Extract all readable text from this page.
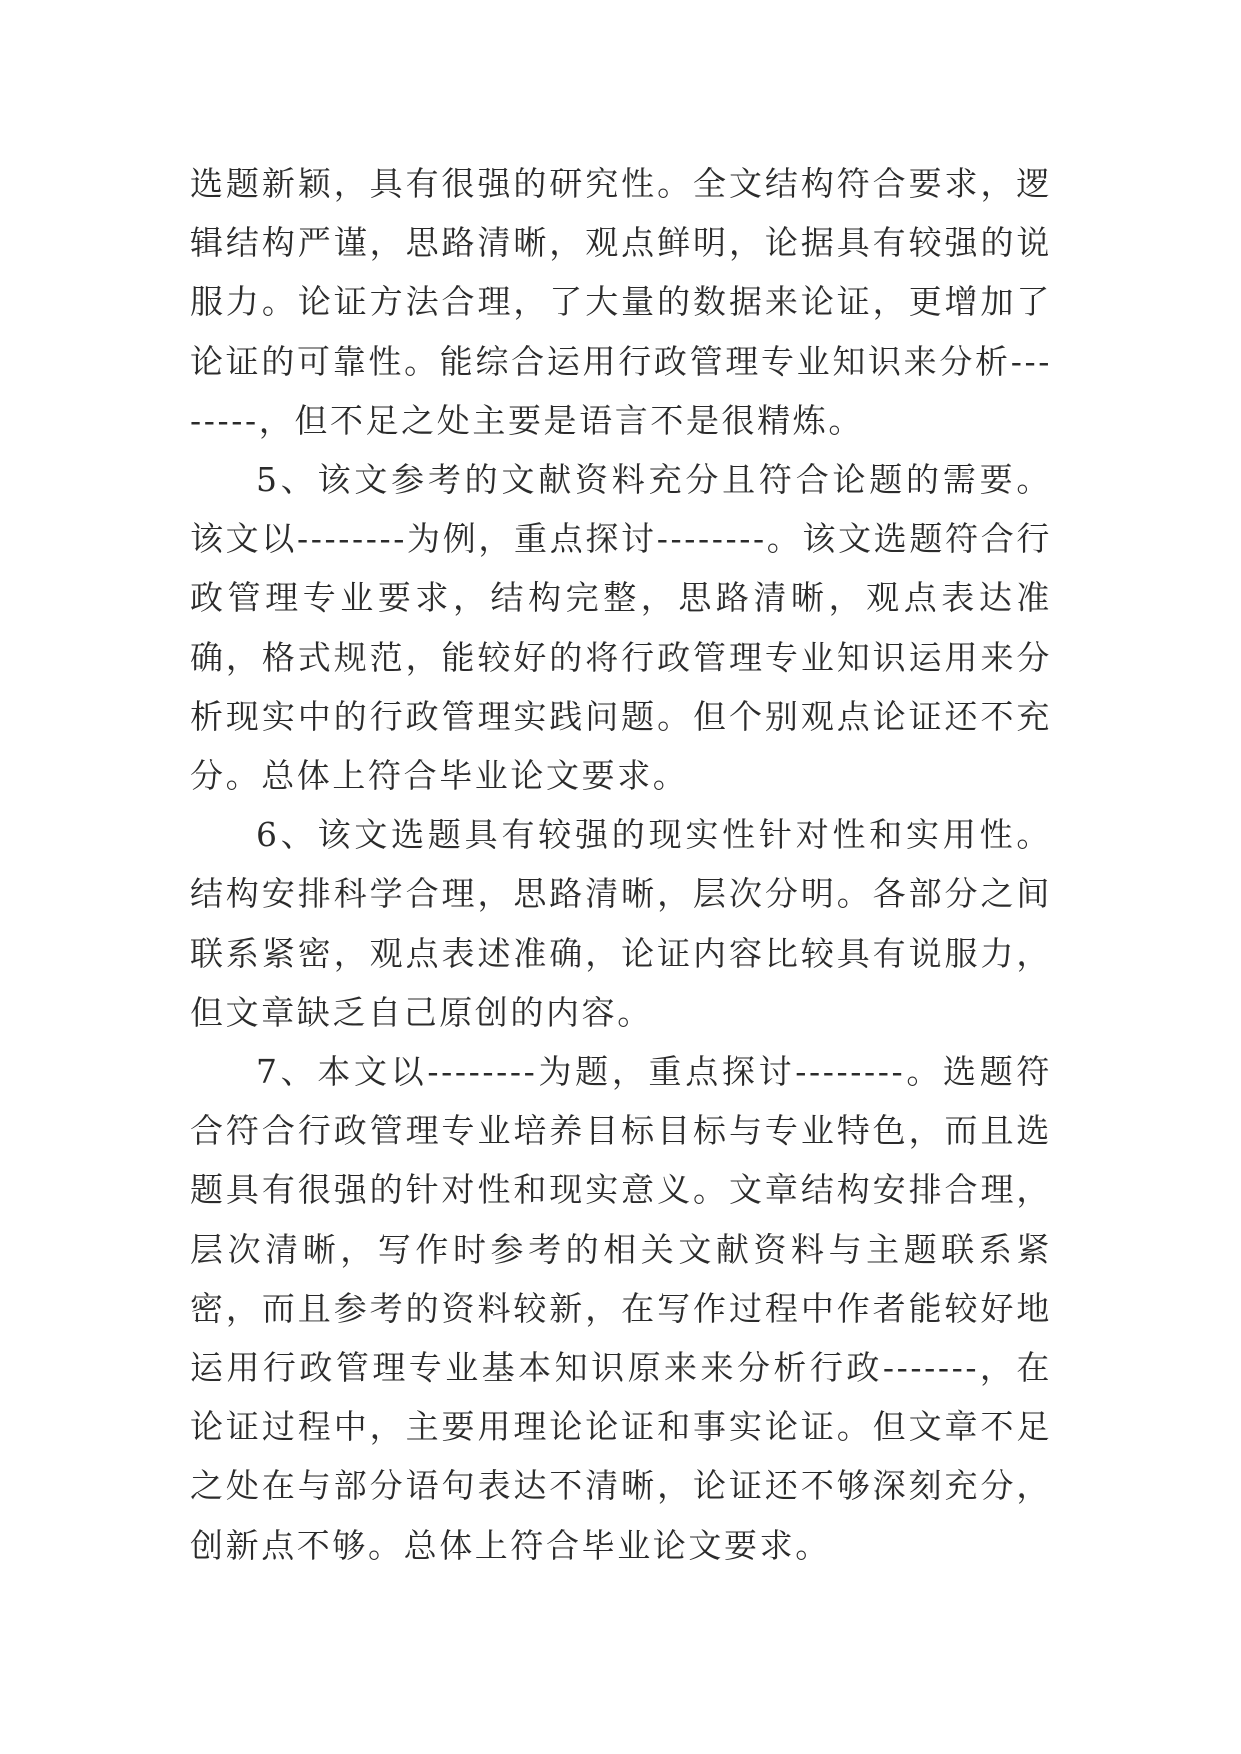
选题新颖，具有很强的研究性。全文结构符合要求，逻辑结构严谨，思路清晰，观点鲜明，论据具有较强的说服力。论证方法合理，了大量的数据来论证，更增加了论证的可靠性。能综合运用行政管理专业知识来分析--------，但不足之处主要是语言不是很精炼。

5、该文参考的文献资料充分且符合论题的需要。该文以--------为例，重点探讨--------。该文选题符合行政管理专业要求，结构完整，思路清晰，观点表达准确，格式规范，能较好的将行政管理专业知识运用来分析现实中的行政管理实践问题。但个别观点论证还不充分。总体上符合毕业论文要求。

6、该文选题具有较强的现实性针对性和实用性。结构安排科学合理，思路清晰，层次分明。各部分之间联系紧密，观点表述准确，论证内容比较具有说服力，但文章缺乏自己原创的内容。

7、本文以--------为题，重点探讨--------。选题符合符合行政管理专业培养目标目标与专业特色，而且选题具有很强的针对性和现实意义。文章结构安排合理，层次清晰，写作时参考的相关文献资料与主题联系紧密，而且参考的资料较新，在写作过程中作者能较好地运用行政管理专业基本知识原来来分析行政-------，在论证过程中，主要用理论论证和事实论证。但文章不足之处在与部分语句表达不清晰，论证还不够深刻充分，创新点不够。总体上符合毕业论文要求。
